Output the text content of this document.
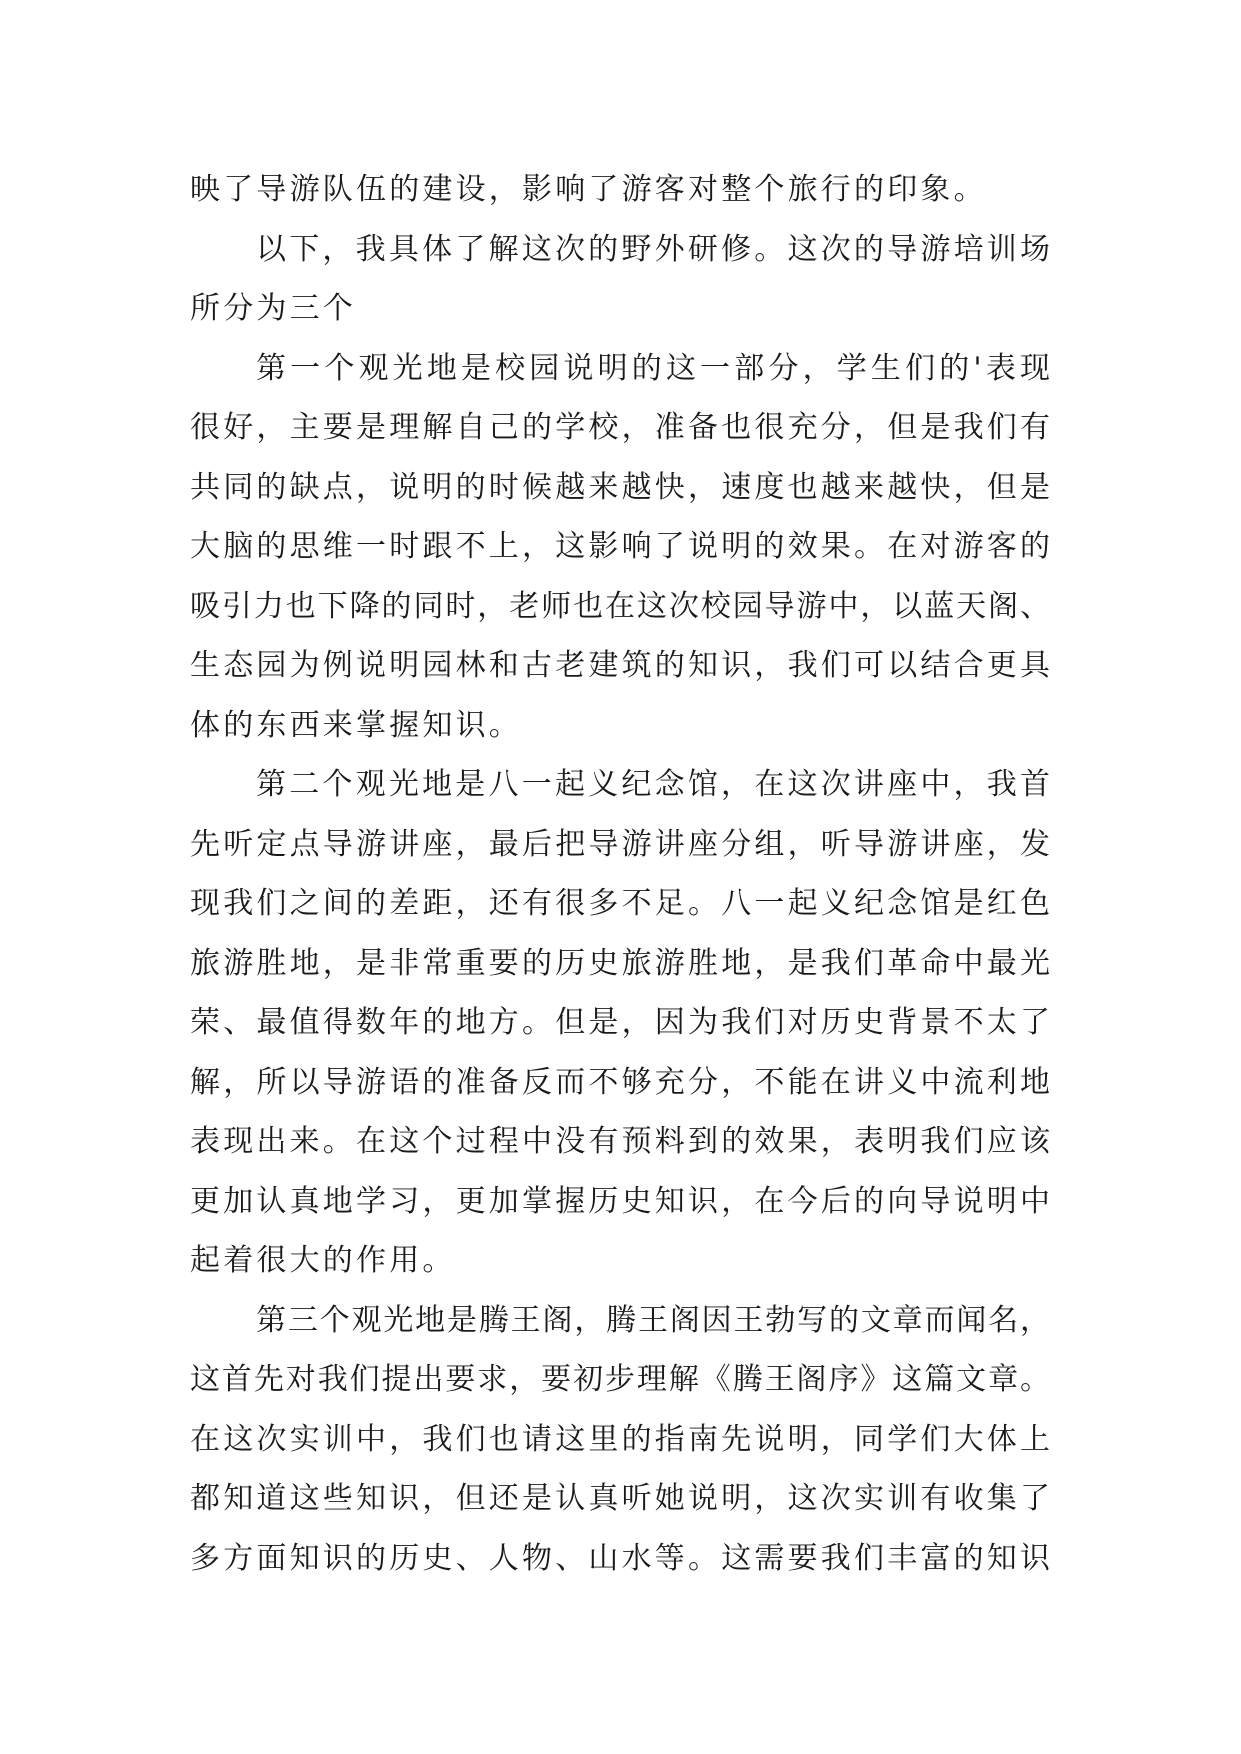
映了导游队伍的建设，影响了游客对整个旅行的印象。
以下，我具体了解这次的野外研修。这次的导游培训场
所分为三个
第一个观光地是校园说明的这一部分，学生们的'表现
很好，主要是理解自己的学校，准备也很充分，但是我们有
共同的缺点，说明的时候越来越快，速度也越来越快，但是
大脑的思维一时跟不上，这影响了说明的效果。在对游客的
吸引力也下降的同时，老师也在这次校园导游中，以蓝天阁、
生态园为例说明园林和古老建筑的知识，我们可以结合更具
体的东西来掌握知识。
第二个观光地是八一起义纪念馆，在这次讲座中，我首
先听定点导游讲座，最后把导游讲座分组，听导游讲座，发
现我们之间的差距，还有很多不足。八一起义纪念馆是红色
旅游胜地，是非常重要的历史旅游胜地，是我们革命中最光
荣、最值得数年的地方。但是，因为我们对历史背景不太了
解，所以导游语的准备反而不够充分，不能在讲义中流利地
表现出来。在这个过程中没有预料到的效果，表明我们应该
更加认真地学习，更加掌握历史知识，在今后的向导说明中
起着很大的作用。
第三个观光地是腾王阁，腾王阁因王勃写的文章而闻名，
这首先对我们提出要求，要初步理解《腾王阁序》这篇文章。
在这次实训中，我们也请这里的指南先说明，同学们大体上
都知道这些知识，但还是认真听她说明，这次实训有收集了
多方面知识的历史、人物、山水等。这需要我们丰富的知识
